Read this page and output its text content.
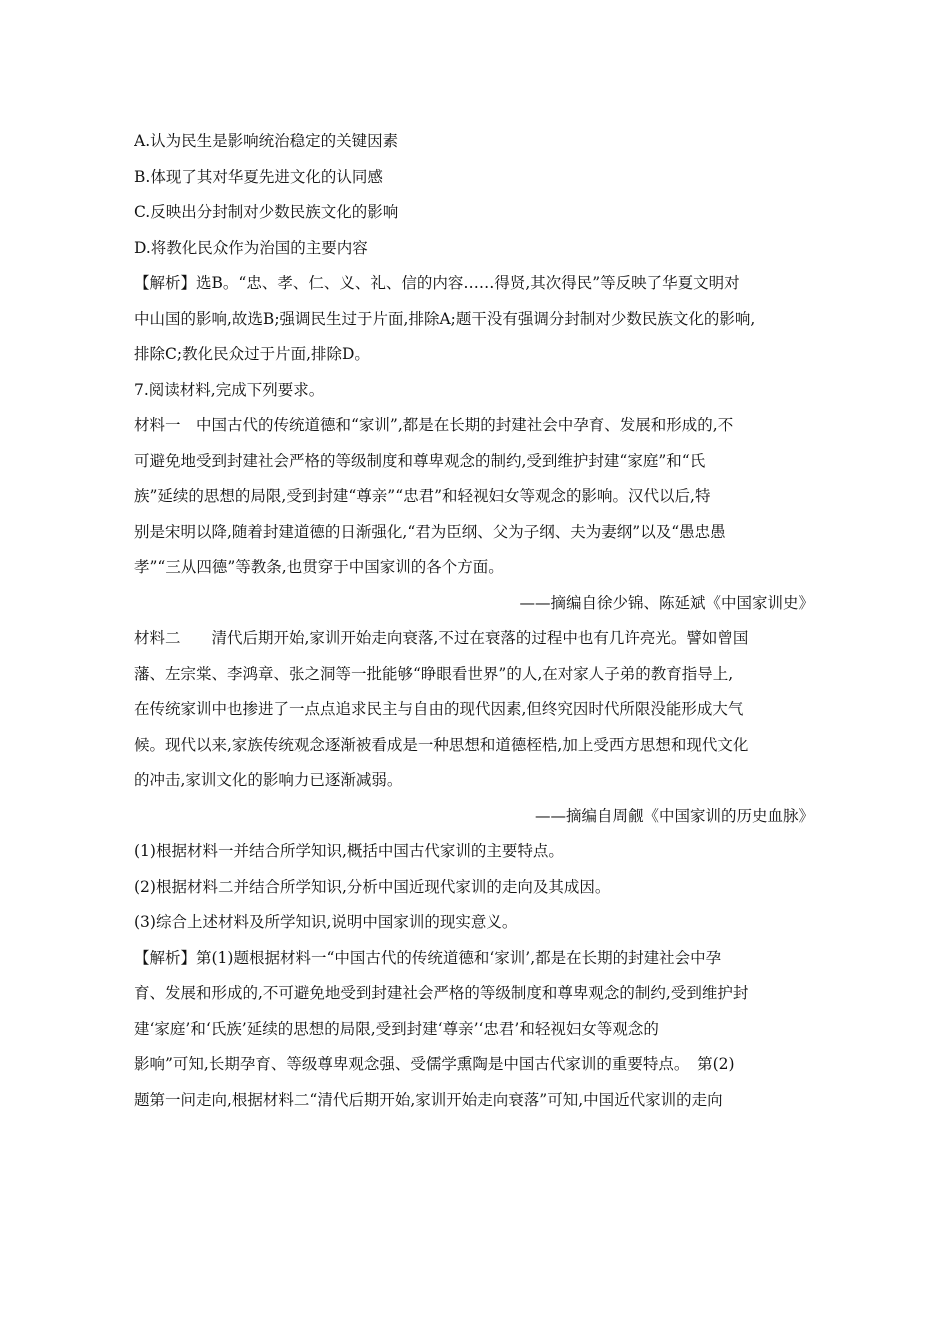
A.认为民生是影响统治稳定的关键因素
B.体现了其对华夏先进文化的认同感
C.反映出分封制对少数民族文化的影响
D.将教化民众作为治国的主要内容
【解析】选B。“忠、孝、仁、义、礼、信的内容……得贤,其次得民”等反映了华夏文明对
中山国的影响,故选B;强调民生过于片面,排除A;题干没有强调分封制对少数民族文化的影响,
排除C;教化民众过于片面,排除D。
7.阅读材料,完成下列要求。
材料一　中国古代的传统道德和“家训”,都是在长期的封建社会中孕育、发展和形成的,不
可避免地受到封建社会严格的等级制度和尊卑观念的制约,受到维护封建“家庭”和“氏
族”延续的思想的局限,受到封建“尊亲”“忠君”和轻视妇女等观念的影响。汉代以后,特
别是宋明以降,随着封建道德的日渐强化,“君为臣纲、父为子纲、夫为妻纲”以及“愚忠愚
孝”“三从四德”等教条,也贯穿于中国家训的各个方面。
——摘编自徐少锦、陈延斌《中国家训史》
材料二　　清代后期开始,家训开始走向衰落,不过在衰落的过程中也有几许亮光。譬如曾国
藩、左宗棠、李鸿章、张之洞等一批能够“睁眼看世界”的人,在对家人子弟的教育指导上,
在传统家训中也掺进了一点点追求民主与自由的现代因素,但终究因时代所限没能形成大气
候。现代以来,家族传统观念逐渐被看成是一种思想和道德桎梏,加上受西方思想和现代文化
的冲击,家训文化的影响力已逐渐减弱。
——摘编自周觎《中国家训的历史血脉》
(1)根据材料一并结合所学知识,概括中国古代家训的主要特点。
(2)根据材料二并结合所学知识,分析中国近现代家训的走向及其成因。
(3)综合上述材料及所学知识,说明中国家训的现实意义。
【解析】第(1)题根据材料一“中国古代的传统道德和‘家训’,都是在长期的封建社会中孕
育、发展和形成的,不可避免地受到封建社会严格的等级制度和尊卑观念的制约,受到维护封
建‘家庭’和‘氏族’延续的思想的局限,受到封建‘尊亲’‘忠君’和轻视妇女等观念的
影响”可知,长期孕育、等级尊卑观念强、受儒学熏陶是中国古代家训的重要特点。　第(2)
题第一问走向,根据材料二“清代后期开始,家训开始走向衰落”可知,中国近代家训的走向
